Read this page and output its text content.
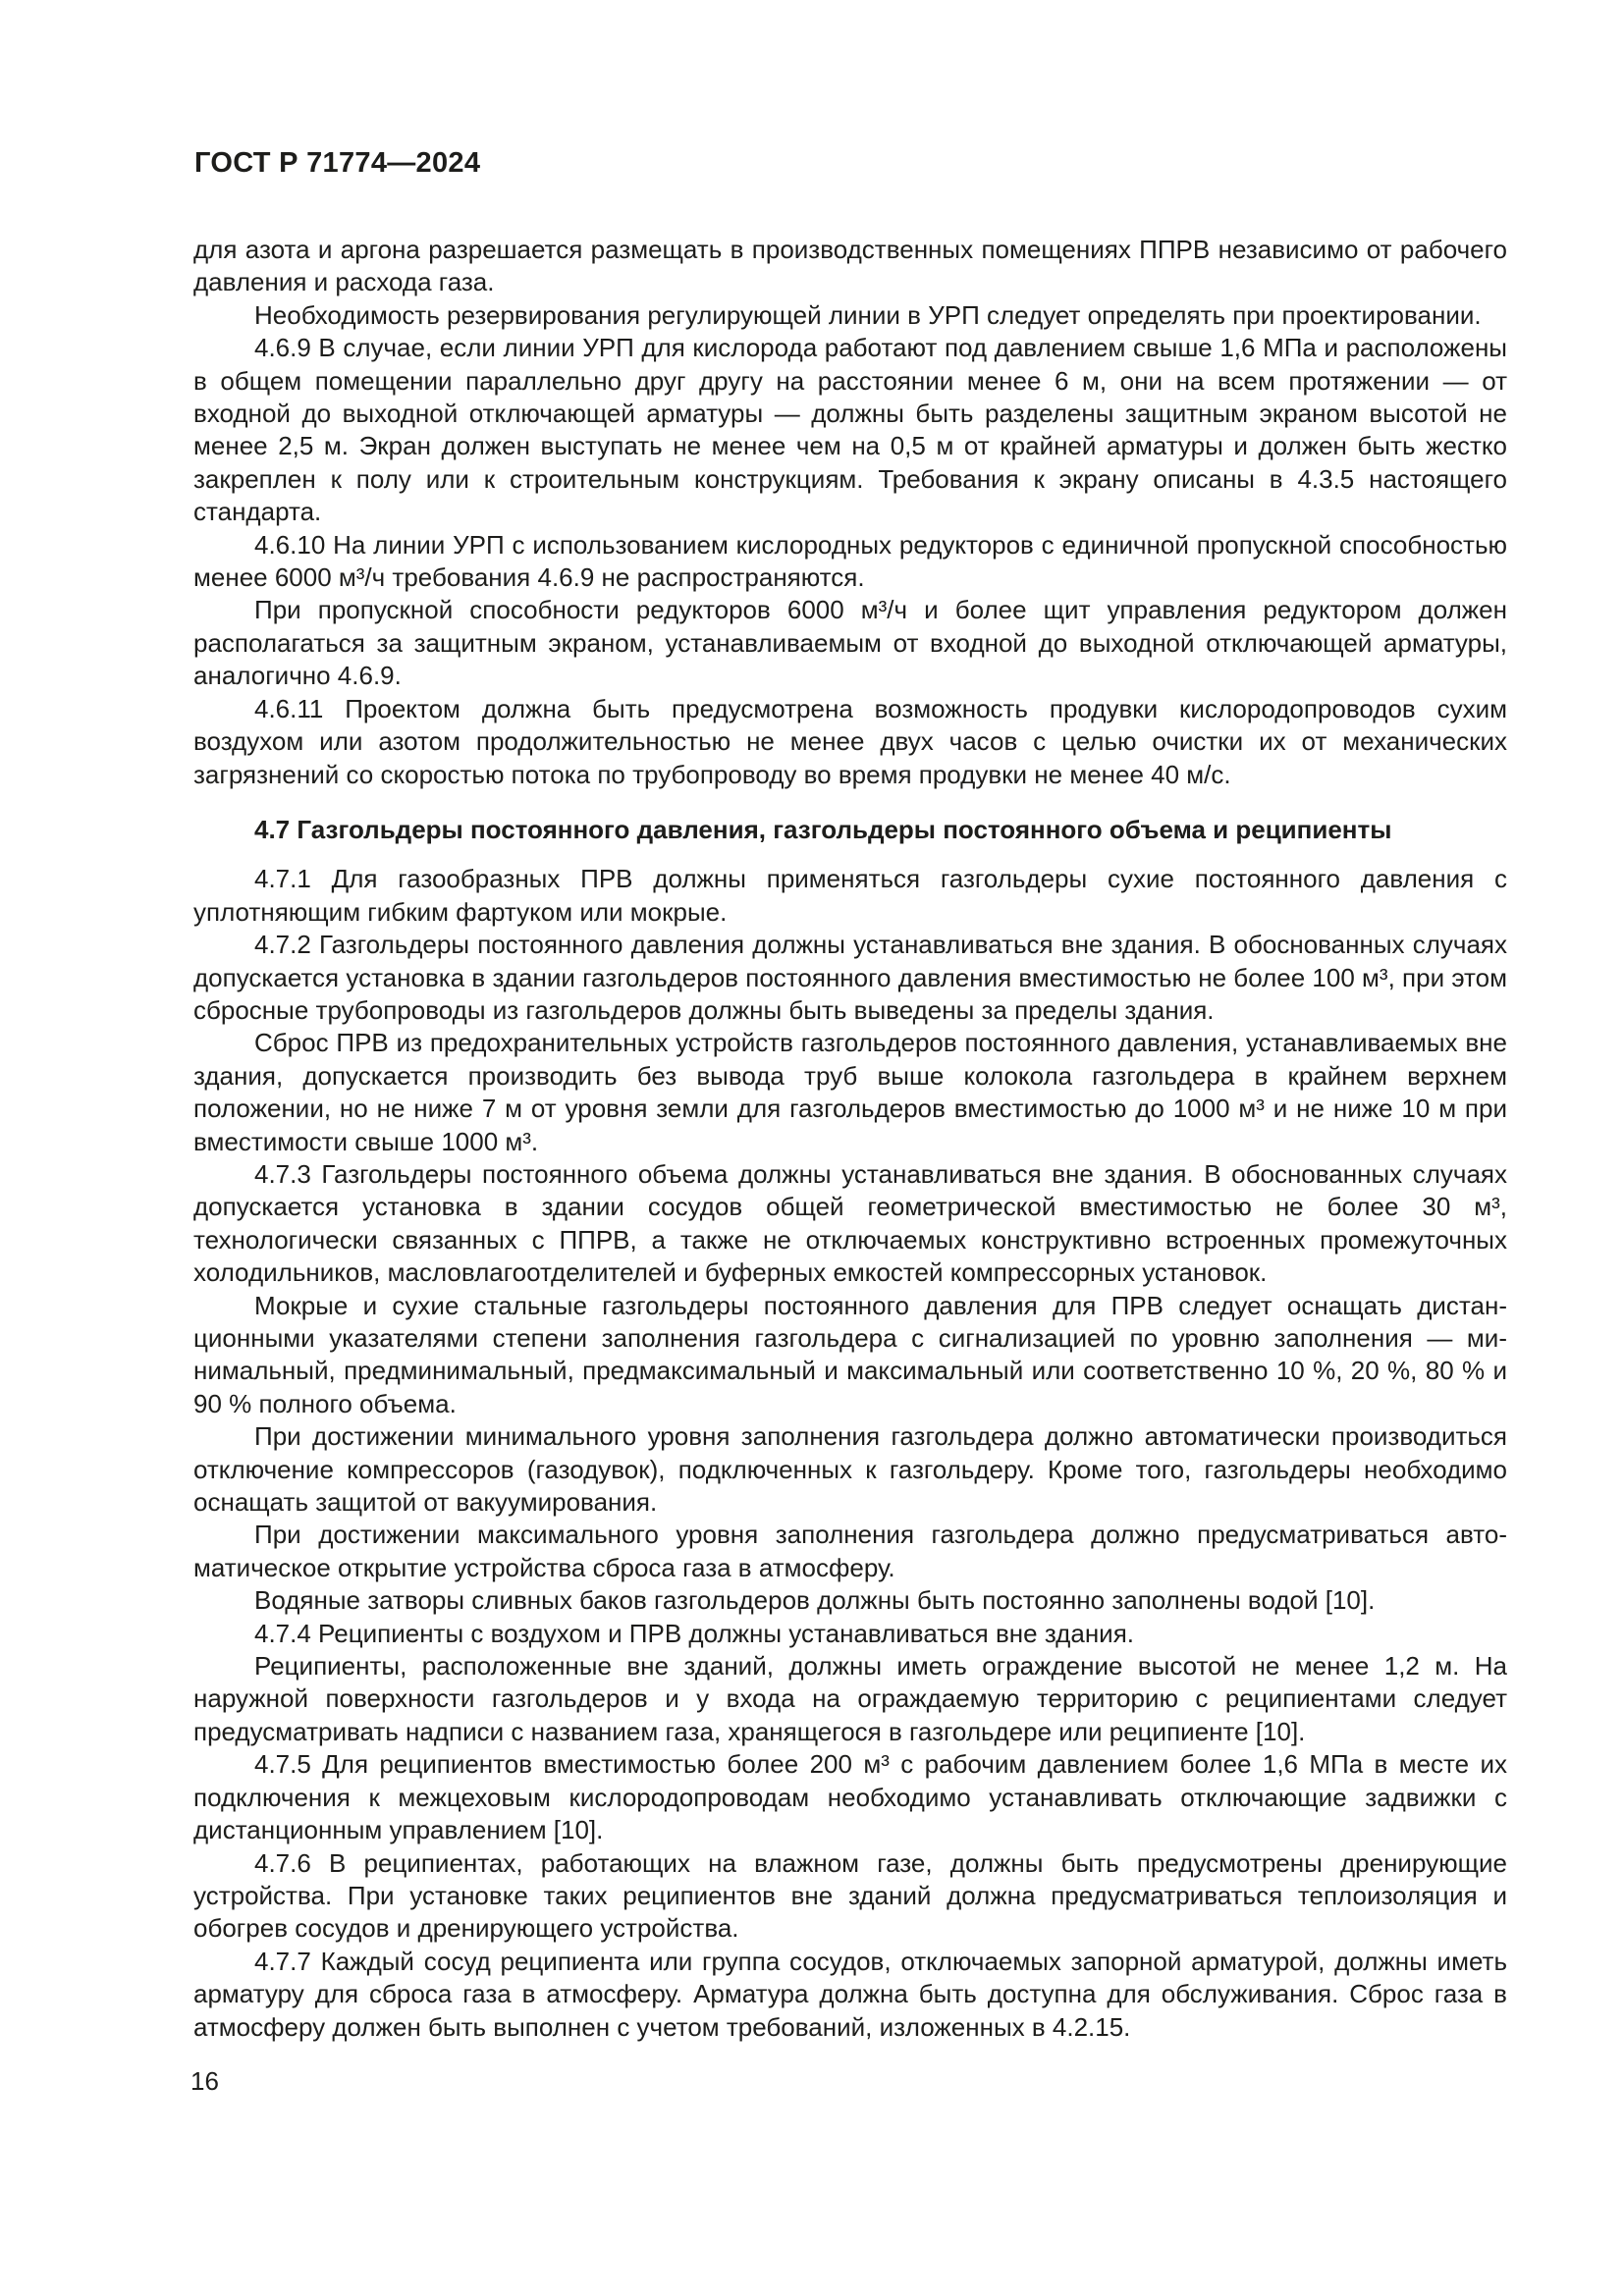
ГОСТ Р 71774—2024

для азота и аргона разрешается размещать в производственных помещениях ППРВ независимо от рабочего давления и расхода газа.

Необходимость резервирования регулирующей линии в УРП следует определять при проектировании.

4.6.9 В случае, если линии УРП для кислорода работают под давлением свыше 1,6 МПа и расположены в общем помещении параллельно друг другу на расстоянии менее 6 м, они на всем протяжении — от входной до выходной отключающей арматуры — должны быть разделены защитным экраном высотой не менее 2,5 м. Экран должен выступать не менее чем на 0,5 м от крайней арматуры и должен быть жестко закреплен к полу или к строительным конструкциям. Требования к экрану описаны в 4.3.5 настоящего стандарта.

4.6.10 На линии УРП с использованием кислородных редукторов с единичной пропускной способностью менее 6000 м³/ч требования 4.6.9 не распространяются.

При пропускной способности редукторов 6000 м³/ч и более щит управления редуктором должен располагаться за защитным экраном, устанавливаемым от входной до выходной отключающей арматуры, аналогично 4.6.9.

4.6.11 Проектом должна быть предусмотрена возможность продувки кислородопроводов сухим воздухом или азотом продолжительностью не менее двух часов с целью очистки их от механических загрязнений со скоростью потока по трубопроводу во время продувки не менее 40 м/с.

4.7 Газгольдеры постоянного давления, газгольдеры постоянного объема и реципиенты

4.7.1 Для газообразных ПРВ должны применяться газгольдеры сухие постоянного давления с уплотняющим гибким фартуком или мокрые.

4.7.2 Газгольдеры постоянного давления должны устанавливаться вне здания. В обоснованных случаях допускается установка в здании газгольдеров постоянного давления вместимостью не более 100 м³, при этом сбросные трубопроводы из газгольдеров должны быть выведены за пределы здания.

Сброс ПРВ из предохранительных устройств газгольдеров постоянного давления, устанавливаемых вне здания, допускается производить без вывода труб выше колокола газгольдера в крайнем верхнем положении, но не ниже 7 м от уровня земли для газгольдеров вместимостью до 1000 м³ и не ниже 10 м при вместимости свыше 1000 м³.

4.7.3 Газгольдеры постоянного объема должны устанавливаться вне здания. В обоснованных случаях допускается установка в здании сосудов общей геометрической вместимостью не более 30 м³, технологически связанных с ППРВ, а также не отключаемых конструктивно встроенных промежуточных холодильников, масловлагоотделителей и буферных емкостей компрессорных установок.

Мокрые и сухие стальные газгольдеры постоянного давления для ПРВ следует оснащать дистанционными указателями степени заполнения газгольдера с сигнализацией по уровню заполнения — минимальный, предминимальный, предмаксимальный и максимальный или соответственно 10 %, 20 %, 80 % и 90 % полного объема.

При достижении минимального уровня заполнения газгольдера должно автоматически производиться отключение компрессоров (газодувок), подключенных к газгольдеру. Кроме того, газгольдеры необходимо оснащать защитой от вакуумирования.

При достижении максимального уровня заполнения газгольдера должно предусматриваться автоматическое открытие устройства сброса газа в атмосферу.

Водяные затворы сливных баков газгольдеров должны быть постоянно заполнены водой [10].

4.7.4 Реципиенты с воздухом и ПРВ должны устанавливаться вне здания.

Реципиенты, расположенные вне зданий, должны иметь ограждение высотой не менее 1,2 м. На наружной поверхности газгольдеров и у входа на ограждаемую территорию с реципиентами следует предусматривать надписи с названием газа, хранящегося в газгольдере или реципиенте [10].

4.7.5 Для реципиентов вместимостью более 200 м³ с рабочим давлением более 1,6 МПа в месте их подключения к межцеховым кислородопроводам необходимо устанавливать отключающие задвижки с дистанционным управлением [10].

4.7.6 В реципиентах, работающих на влажном газе, должны быть предусмотрены дренирующие устройства. При установке таких реципиентов вне зданий должна предусматриваться теплоизоляция и обогрев сосудов и дренирующего устройства.

4.7.7 Каждый сосуд реципиента или группа сосудов, отключаемых запорной арматурой, должны иметь арматуру для сброса газа в атмосферу. Арматура должна быть доступна для обслуживания. Сброс газа в атмосферу должен быть выполнен с учетом требований, изложенных в 4.2.15.

16
